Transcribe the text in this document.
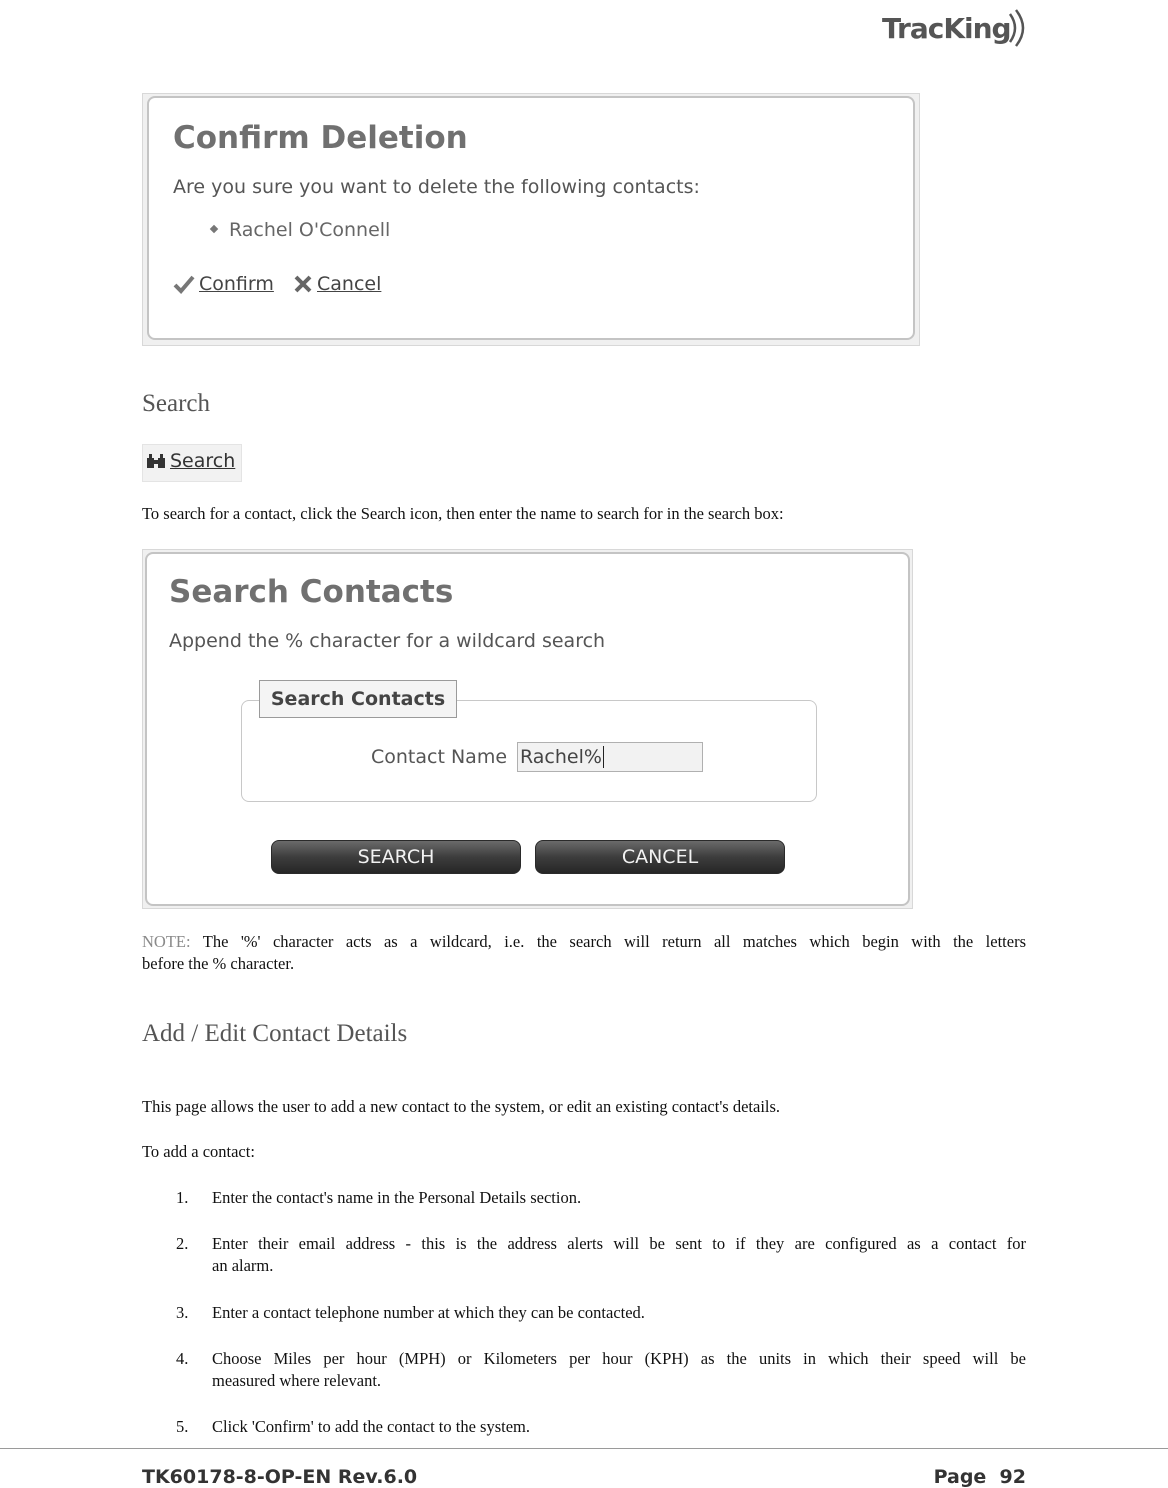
TracKing
Confirm Deletion
Are you sure you want to delete the following contacts:
Rachel O'Connell
Confirm Cancel
Search
Search
To search for a contact, click the Search icon, then enter the name to search for in the search box:
Search Contacts
Append the % character for a wildcard search
Search Contacts
Contact Name Rachel%
SEARCH	CANCEL
NOTE: The '%' character acts as a wildcard, i.e. the search will return all matches which begin with the letters
before the % character.
Add / Edit Contact Details
This page allows the user to add a new contact to the system, or edit an existing contact's details.
To add a contact:
1. Enter the contact's name in the Personal Details section.
2. Enter their email address - this is the address alerts will be sent to if they are configured as a contact for
an alarm.
3. Enter a contact telephone number at which they can be contacted.
4. Choose Miles per hour (MPH) or Kilometers per hour (KPH) as the units in which their speed will be
measured where relevant.
5. Click 'Confirm' to add the contact to the system.
TK60178-8-OP-EN Rev.6.0	Page 92
